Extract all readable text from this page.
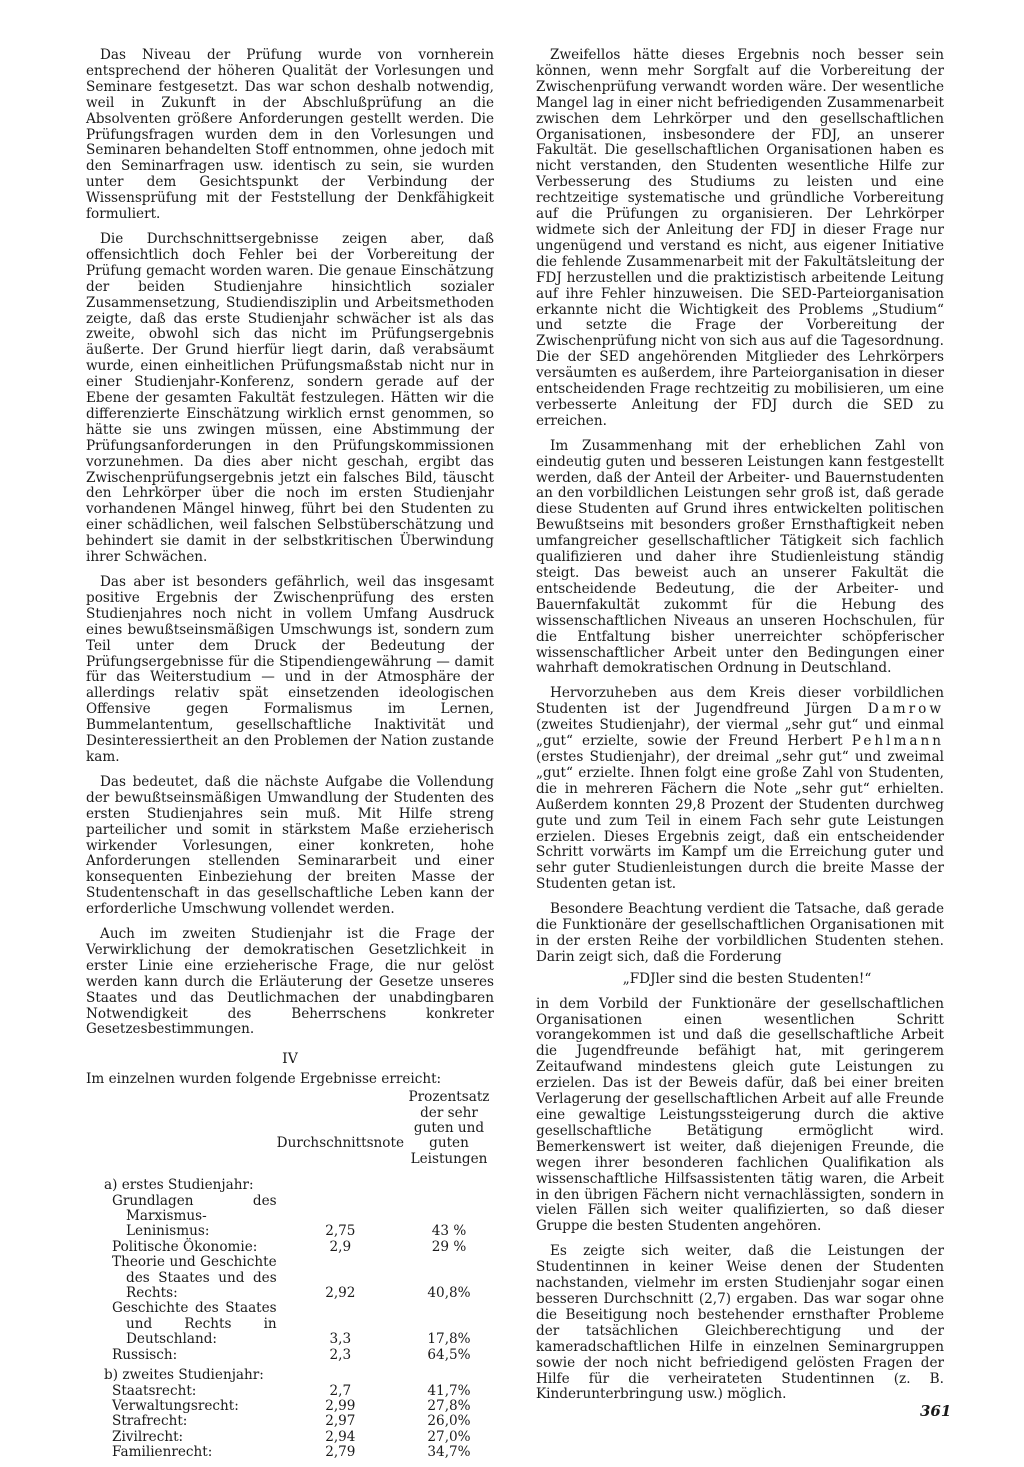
Das Niveau der Prüfung wurde von vornherein entsprechend der höheren Qualität der Vorlesungen und Seminare festgesetzt. Das war schon deshalb notwendig, weil in Zukunft in der Abschlußprüfung an die Absolventen größere Anforderungen gestellt werden. Die Prüfungsfragen wurden dem in den Vorlesungen und Seminaren behandelten Stoff entnommen, ohne jedoch mit den Seminarfragen usw. identisch zu sein, sie wurden unter dem Gesichtspunkt der Verbindung der Wissensprüfung mit der Feststellung der Denkfähigkeit formuliert.

Die Durchschnittsergebnisse zeigen aber, daß offensichtlich doch Fehler bei der Vorbereitung der Prüfung gemacht worden waren. Die genaue Einschätzung der beiden Studienjahre hinsichtlich sozialer Zusammensetzung, Studiendisziplin und Arbeitsmethoden zeigte, daß das erste Studienjahr schwächer ist als das zweite, obwohl sich das nicht im Prüfungsergebnis äußerte. Der Grund hierfür liegt darin, daß verabsäumt wurde, einen einheitlichen Prüfungsmaßstab nicht nur in einer Studienjahr-Konferenz, sondern gerade auf der Ebene der gesamten Fakultät festzulegen. Hätten wir die differenzierte Einschätzung wirklich ernst genommen, so hätte sie uns zwingen müssen, eine Abstimmung der Prüfungsanforderungen in den Prüfungskommissionen vorzunehmen. Da dies aber nicht geschah, ergibt das Zwischenprüfungsergebnis jetzt ein falsches Bild, täuscht den Lehrkörper über die noch im ersten Studienjahr vorhandenen Mängel hinweg, führt bei den Studenten zu einer schädlichen, weil falschen Selbstüberschätzung und behindert sie damit in der selbstkritischen Überwindung ihrer Schwächen.

Das aber ist besonders gefährlich, weil das insgesamt positive Ergebnis der Zwischenprüfung des ersten Studienjahres noch nicht in vollem Umfang Ausdruck eines bewußtseinsmäßigen Umschwungs ist, sondern zum Teil unter dem Druck der Bedeutung der Prüfungsergebnisse für die Stipendiengewährung — damit für das Weiterstudium — und in der Atmosphäre der allerdings relativ spät einsetzenden ideologischen Offensive gegen Formalismus im Lernen, Bummelantentum, gesellschaftliche Inaktivität und Desinteressiertheit an den Problemen der Nation zustande kam.

Das bedeutet, daß die nächste Aufgabe die Vollendung der bewußtseinsmäßigen Umwandlung der Studenten des ersten Studienjahres sein muß. Mit Hilfe streng parteilicher und somit in stärkstem Maße erzieherisch wirkender Vorlesungen, einer konkreten, hohe Anforderungen stellenden Seminararbeit und einer konsequenten Einbeziehung der breiten Masse der Studentenschaft in das gesellschaftliche Leben kann der erforderliche Umschwung vollendet werden.

Auch im zweiten Studienjahr ist die Frage der Verwirklichung der demokratischen Gesetzlichkeit in erster Linie eine erzieherische Frage, die nur gelöst werden kann durch die Erläuterung der Gesetze unseres Staates und das Deutlichmachen der unabdingbaren Notwendigkeit des Beherrschens konkreter Gesetzesbestimmungen.

IV
Im einzelnen wurden folgende Ergebnisse erreicht:
	Durchschnittsnote	Prozentsatz der sehr guten und guten Leistungen
a) erstes Studienjahr:		
Grundlagen des Marxismus-Leninismus:	2,75	43 %
Politische Ökonomie:	2,9	29 %
Theorie und Geschichte des Staates und des Rechts:	2,92	40,8%
Geschichte des Staates und Rechts in Deutschland:	3,3	17,8%
Russisch:	2,3	64,5%
b) zweites Studienjahr:		
Staatsrecht:	2,7	41,7%
Verwaltungsrecht:	2,99	27,8%
Strafrecht:	2,97	26,0%
Zivilrecht:	2,94	27,0%
Familienrecht:	2,79	34,7%

Zweifellos hätte dieses Ergebnis noch besser sein können, wenn mehr Sorgfalt auf die Vorbereitung der Zwischenprüfung verwandt worden wäre. Der wesentliche Mangel lag in einer nicht befriedigenden Zusammenarbeit zwischen dem Lehrkörper und den gesellschaftlichen Organisationen, insbesondere der FDJ, an unserer Fakultät. Die gesellschaftlichen Organisationen haben es nicht verstanden, den Studenten wesentliche Hilfe zur Verbesserung des Studiums zu leisten und eine rechtzeitige systematische und gründliche Vorbereitung auf die Prüfungen zu organisieren. Der Lehrkörper widmete sich der Anleitung der FDJ in dieser Frage nur ungenügend und verstand es nicht, aus eigener Initiative die fehlende Zusammenarbeit mit der Fakultätsleitung der FDJ herzustellen und die praktizistisch arbeitende Leitung auf ihre Fehler hinzuweisen. Die SED-Parteiorganisation erkannte nicht die Wichtigkeit des Problems „Studium“ und setzte die Frage der Vorbereitung der Zwischenprüfung nicht von sich aus auf die Tagesordnung. Die der SED angehörenden Mitglieder des Lehrkörpers versäumten es außerdem, ihre Parteiorganisation in dieser entscheidenden Frage rechtzeitig zu mobilisieren, um eine verbesserte Anleitung der FDJ durch die SED zu erreichen.

Im Zusammenhang mit der erheblichen Zahl von eindeutig guten und besseren Leistungen kann festgestellt werden, daß der Anteil der Arbeiter- und Bauernstudenten an den vorbildlichen Leistungen sehr groß ist, daß gerade diese Studenten auf Grund ihres entwickelten politischen Bewußtseins mit besonders großer Ernsthaftigkeit neben umfangreicher gesellschaftlicher Tätigkeit sich fachlich qualifizieren und daher ihre Studienleistung ständig steigt. Das beweist auch an unserer Fakultät die entscheidende Bedeutung, die der Arbeiter- und Bauernfakultät zukommt für die Hebung des wissenschaftlichen Niveaus an unseren Hochschulen, für die Entfaltung bisher unerreichter schöpferischer wissenschaftlicher Arbeit unter den Bedingungen einer wahrhaft demokratischen Ordnung in Deutschland.

Hervorzuheben aus dem Kreis dieser vorbildlichen Studenten ist der Jugendfreund Jürgen Damrow (zweites Studienjahr), der viermal „sehr gut“ und einmal „gut“ erzielte, sowie der Freund Herbert Pehlmann (erstes Studienjahr), der dreimal „sehr gut“ und zweimal „gut“ erzielte. Ihnen folgt eine große Zahl von Studenten, die in mehreren Fächern die Note „sehr gut“ erhielten. Außerdem konnten 29,8 Prozent der Studenten durchweg gute und zum Teil in einem Fach sehr gute Leistungen erzielen. Dieses Ergebnis zeigt, daß ein entscheidender Schritt vorwärts im Kampf um die Erreichung guter und sehr guter Studienleistungen durch die breite Masse der Studenten getan ist.

Besondere Beachtung verdient die Tatsache, daß gerade die Funktionäre der gesellschaftlichen Organisationen mit in der ersten Reihe der vorbildlichen Studenten stehen. Darin zeigt sich, daß die Forderung

„FDJler sind die besten Studenten!“

in dem Vorbild der Funktionäre der gesellschaftlichen Organisationen einen wesentlichen Schritt vorangekommen ist und daß die gesellschaftliche Arbeit die Jugendfreunde befähigt hat, mit geringerem Zeitaufwand mindestens gleich gute Leistungen zu erzielen. Das ist der Beweis dafür, daß bei einer breiten Verlagerung der gesellschaftlichen Arbeit auf alle Freunde eine gewaltige Leistungssteigerung durch die aktive gesellschaftliche Betätigung ermöglicht wird. Bemerkenswert ist weiter, daß diejenigen Freunde, die wegen ihrer besonderen fachlichen Qualifikation als wissenschaftliche Hilfsassistenten tätig waren, die Arbeit in den übrigen Fächern nicht vernachlässigten, sondern in vielen Fällen sich weiter qualifizierten, so daß dieser Gruppe die besten Studenten angehören.

Es zeigte sich weiter, daß die Leistungen der Studentinnen in keiner Weise denen der Studenten nachstanden, vielmehr im ersten Studienjahr sogar einen besseren Durchschnitt (2,7) ergaben. Das war sogar ohne die Beseitigung noch bestehender ernsthafter Probleme der tatsächlichen Gleichberechtigung und der kameradschaftlichen Hilfe in einzelnen Seminargruppen sowie der noch nicht befriedigend gelösten Fragen der Hilfe für die verheirateten Studentinnen (z. B. Kinderunterbringung usw.) möglich.

361
